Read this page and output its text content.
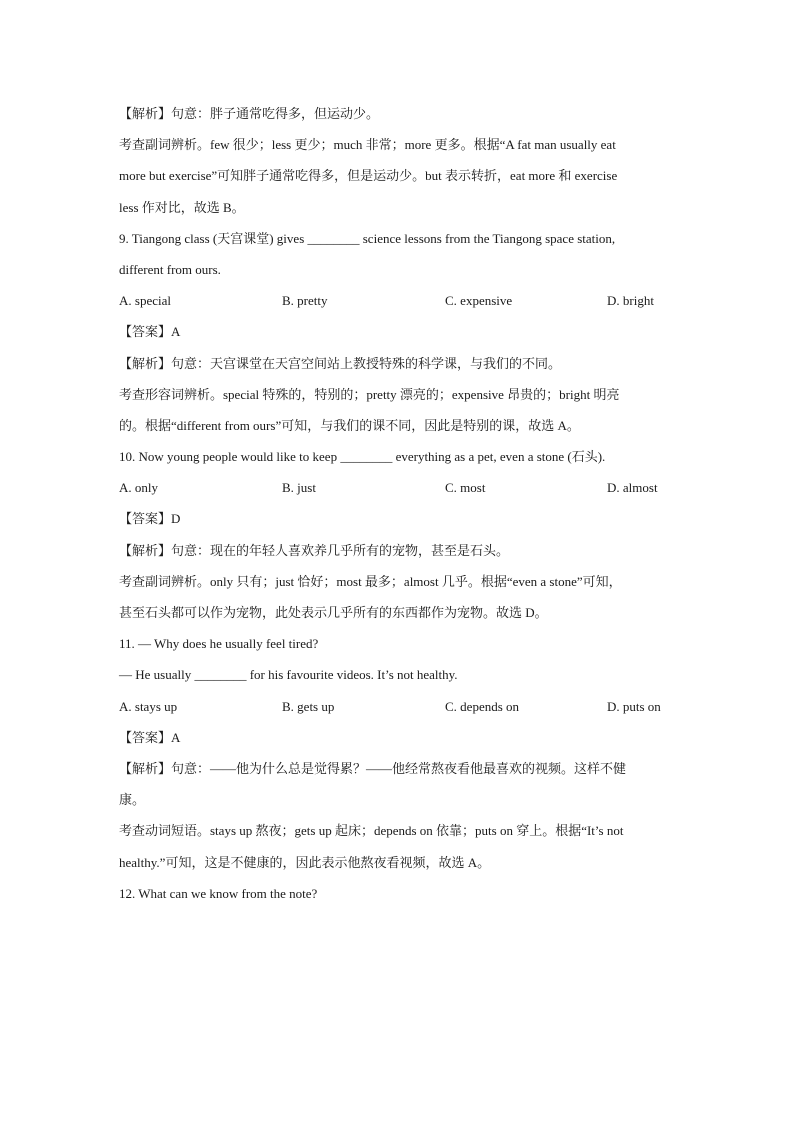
【解析】句意：胖子通常吃得多，但运动少。
考查副词辨析。few 很少；less 更少；much 非常；more 更多。根据“A fat man usually eat
more but exercise”可知胖子通常吃得多，但是运动少。but 表示转折，eat more 和 exercise
less 作对比，故选 B。
9. Tiangong class (天宫课堂) gives ________ science lessons from the Tiangong space station,
different from ours.
A. special	B. pretty	C. expensive	D. bright
【答案】A
【解析】句意：天宫课堂在天宫空间站上教授特殊的科学课，与我们的不同。
考查形容词辨析。special 特殊的，特别的；pretty 漂亮的；expensive 昂贵的；bright 明亮
的。根据“different from ours”可知，与我们的课不同，因此是特别的课，故选 A。
10. Now young people would like to keep ________ everything as a pet, even a stone (石头).
A. only	B. just	C. most	D. almost
【答案】D
【解析】句意：现在的年轻人喜欢养几乎所有的宠物，甚至是石头。
考查副词辨析。only 只有；just 恰好；most 最多；almost 几乎。根据“even a stone”可知，
甚至石头都可以作为宠物，此处表示几乎所有的东西都作为宠物。故选 D。
11. — Why does he usually feel tired?
— He usually ________ for his favourite videos. It’s not healthy.
A. stays up	B. gets up	C. depends on	D. puts on
【答案】A
【解析】句意：——他为什么总是觉得累？——他经常熬夜看他最喜欢的视频。这样不健
康。
考查动词短语。stays up 熬夜；gets up 起床；depends on 依靠；puts on 穿上。根据“It’s not
healthy.”可知，这是不健康的，因此表示他熬夜看视频，故选 A。
12. What can we know from the note?
